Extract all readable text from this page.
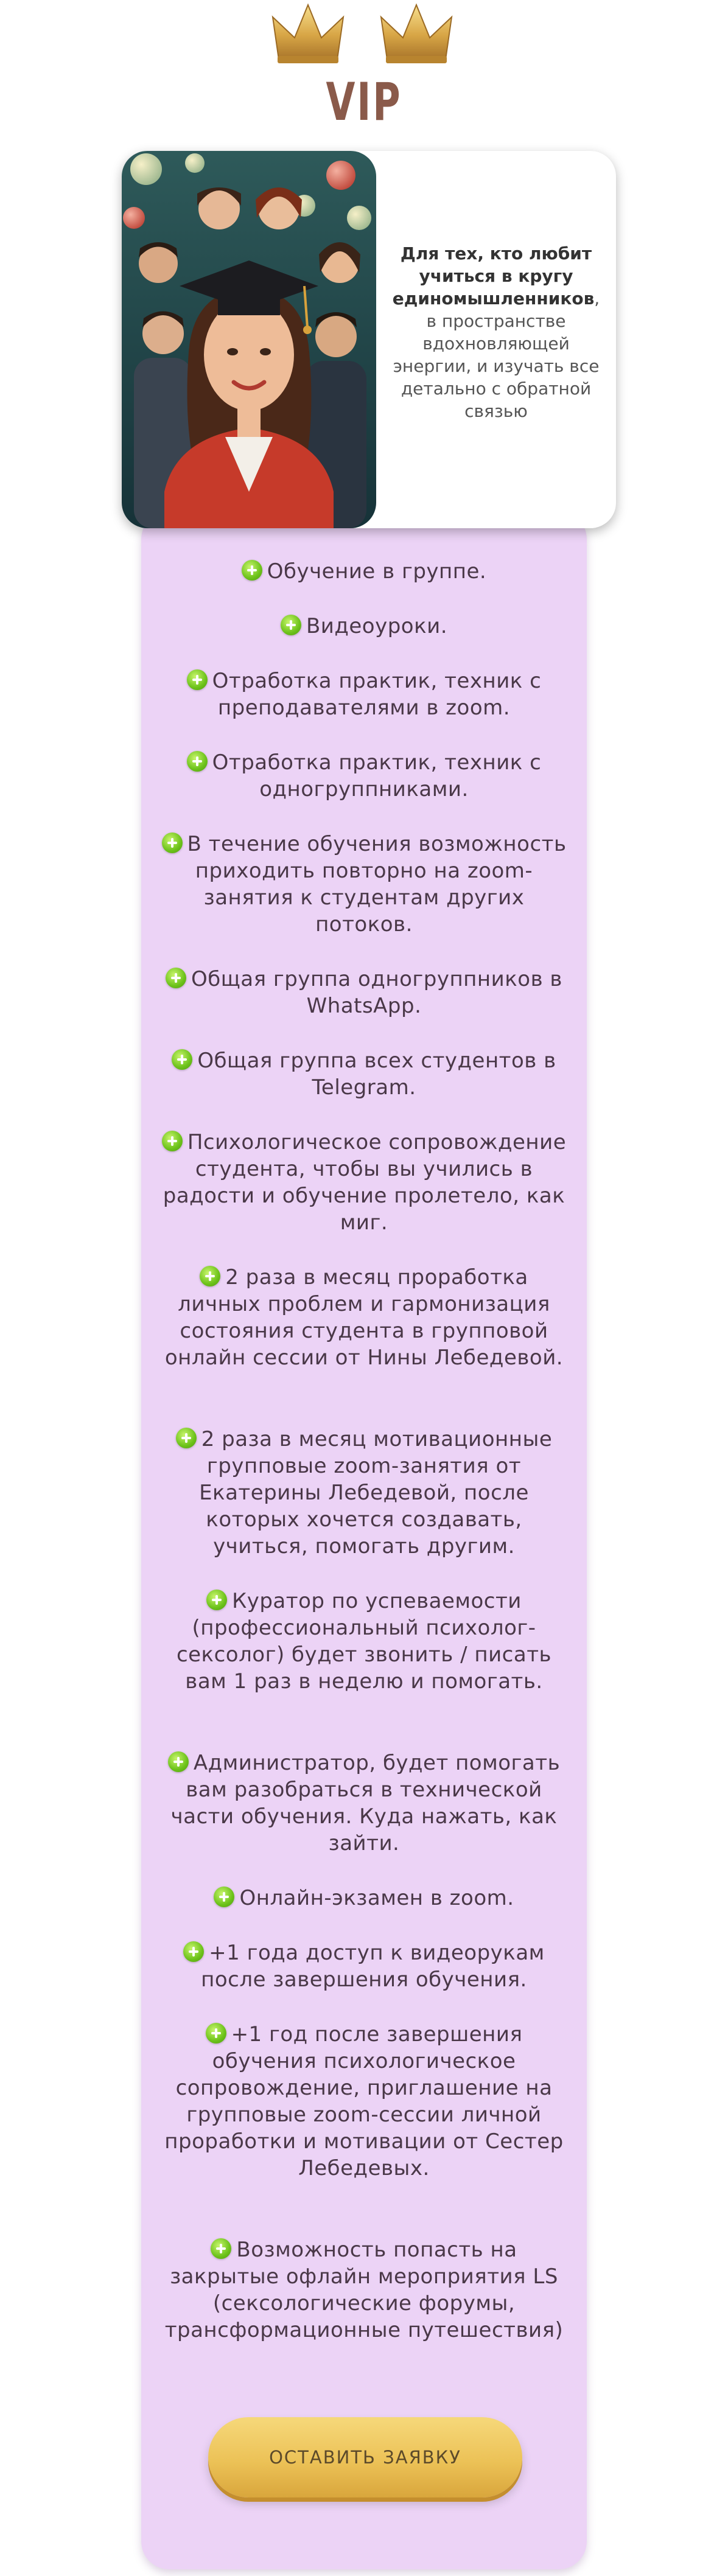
VIP
Для тех, кто любит учиться в кругу единомышленников, в пространстве вдохновляющей энергии, и изучать все детально с обратной связью
Обучение в группе.
Видеоуроки.
Отработка практик, техник с преподавателями в zoom.
Отработка практик, техник с одногруппниками.
В течение обучения возможность приходить повторно на zoom-занятия к студентам других потоков.
Общая группа одногруппников в WhatsApp.
Общая группа всех студентов в Telegram.
Психологическое сопровождение студента, чтобы вы учились в радости и обучение пролетело, как миг.
2 раза в месяц проработка личных проблем и гармонизация состояния студента в групповой онлайн сессии от Нины Лебедевой.
2 раза в месяц мотивационные групповые zoom-занятия от Екатерины Лебедевой, после которых хочется создавать, учиться, помогать другим.
Куратор по успеваемости (профессиональный психолог-сексолог) будет звонить / писать вам 1 раз в неделю и помогать.
Администратор, будет помогать вам разобраться в технической части обучения. Куда нажать, как зайти.
Онлайн-экзамен в zoom.
+1 года доступ к видеорукам после завершения обучения.
+1 год после завершения обучения психологическое сопровождение, приглашение на групповые zoom-сессии личной проработки и мотивации от Сестер Лебедевых.
Возможность попасть на закрытые офлайн мероприятия LS (сексологические форумы, трансформационные путешествия)
ОСТАВИТЬ ЗАЯВКУ
